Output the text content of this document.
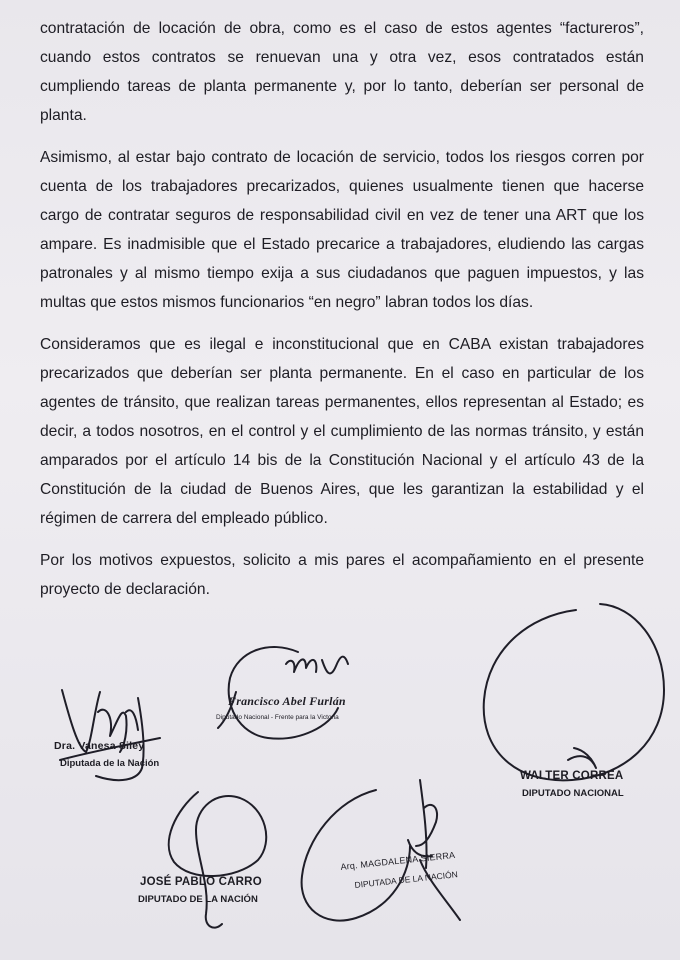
contratación de locación de obra, como es el caso de estos agentes “factureros”, cuando estos contratos se renuevan una y otra vez, esos contratados están cumpliendo tareas de planta permanente y, por lo tanto, deberían ser personal de planta.

Asimismo, al estar bajo contrato de locación de servicio, todos los riesgos corren por cuenta de los trabajadores precarizados, quienes usualmente tienen que hacerse cargo de contratar seguros de responsabilidad civil en vez de tener una ART que los ampare. Es inadmisible que el Estado precarice a trabajadores, eludiendo las cargas patronales y al mismo tiempo exija a sus ciudadanos que paguen impuestos, y las multas que estos mismos funcionarios “en negro” labran todos los días.

Consideramos que es ilegal e inconstitucional que en CABA existan trabajadores precarizados que deberían ser planta permanente. En el caso en particular de los agentes de tránsito, que realizan tareas permanentes, ellos representan al Estado; es decir, a todos nosotros, en el control y el cumplimiento de las normas tránsito, y están amparados por el artículo 14 bis de la Constitución Nacional y el artículo 43 de la Constitución de la ciudad de Buenos Aires, que les garantizan la estabilidad y el régimen de carrera del empleado público.

Por los motivos expuestos, solicito a mis pares el acompañamiento en el presente proyecto de declaración.

Dra. Vanesa Siley
Diputada de la Nación
Francisco Abel Furlán
Diputado Nacional - Frente para la Victoria
WALTER CORREA
DIPUTADO NACIONAL
JOSÉ PABLO CARRO
DIPUTADO DE LA NACIÓN
Arq. MAGDALENA SIERRA
DIPUTADA DE LA NACIÓN
